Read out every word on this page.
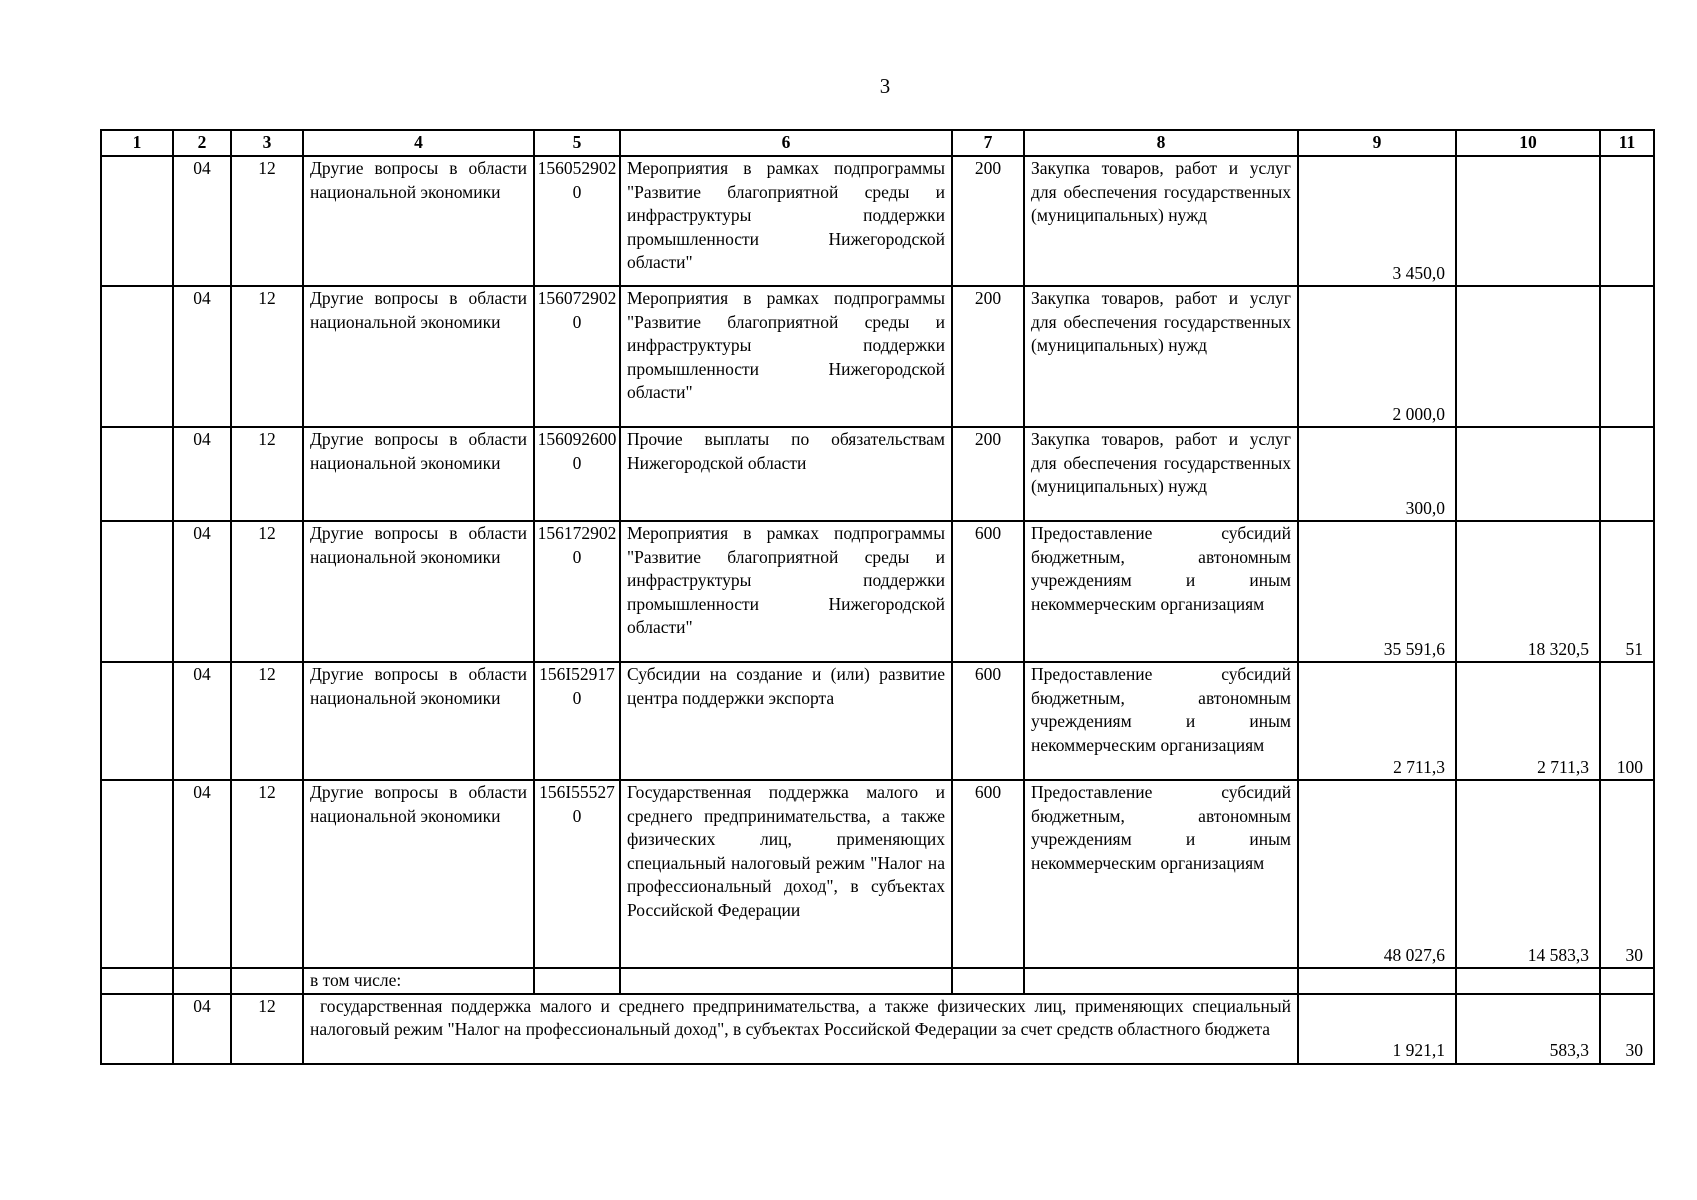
3
1	2	3	4	5	6	7	8	9	10	11
	04	12	Другие вопросы в области национальной экономики	1560529020	Мероприятия в рамках подпрограммы "Развитие благоприятной среды и инфраструктуры поддержки промышленности Нижегородской области"	200	Закупка товаров, работ и услуг для обеспечения государственных (муниципальных) нужд	3 450,0		
	04	12	Другие вопросы в области национальной экономики	1560729020	Мероприятия в рамках подпрограммы "Развитие благоприятной среды и инфраструктуры поддержки промышленности Нижегородской области"	200	Закупка товаров, работ и услуг для обеспечения государственных (муниципальных) нужд	2 000,0		
	04	12	Другие вопросы в области национальной экономики	1560926000	Прочие выплаты по обязательствам Нижегородской области	200	Закупка товаров, работ и услуг для обеспечения государственных (муниципальных) нужд	300,0		
	04	12	Другие вопросы в области национальной экономики	1561729020	Мероприятия в рамках подпрограммы "Развитие благоприятной среды и инфраструктуры поддержки промышленности Нижегородской области"	600	Предоставление субсидий бюджетным, автономным учреждениям и иным некоммерческим организациям	35 591,6	18 320,5	51
	04	12	Другие вопросы в области национальной экономики	156I529170	Субсидии на создание и (или) развитие центра поддержки экспорта	600	Предоставление субсидий бюджетным, автономным учреждениям и иным некоммерческим организациям	2 711,3	2 711,3	100
	04	12	Другие вопросы в области национальной экономики	156I555270	Государственная поддержка малого и среднего предпринимательства, а также физических лиц, применяющих специальный налоговый режим "Налог на профессиональный доход", в субъектах Российской Федерации	600	Предоставление субсидий бюджетным, автономным учреждениям и иным некоммерческим организациям	48 027,6	14 583,3	30
			в том числе:							
	04	12	государственная поддержка малого и среднего предпринимательства, а также физических лиц, применяющих специальный налоговый режим "Налог на профессиональный доход", в субъектах Российской Федерации за счет средств областного бюджета					1 921,1	583,3	30
